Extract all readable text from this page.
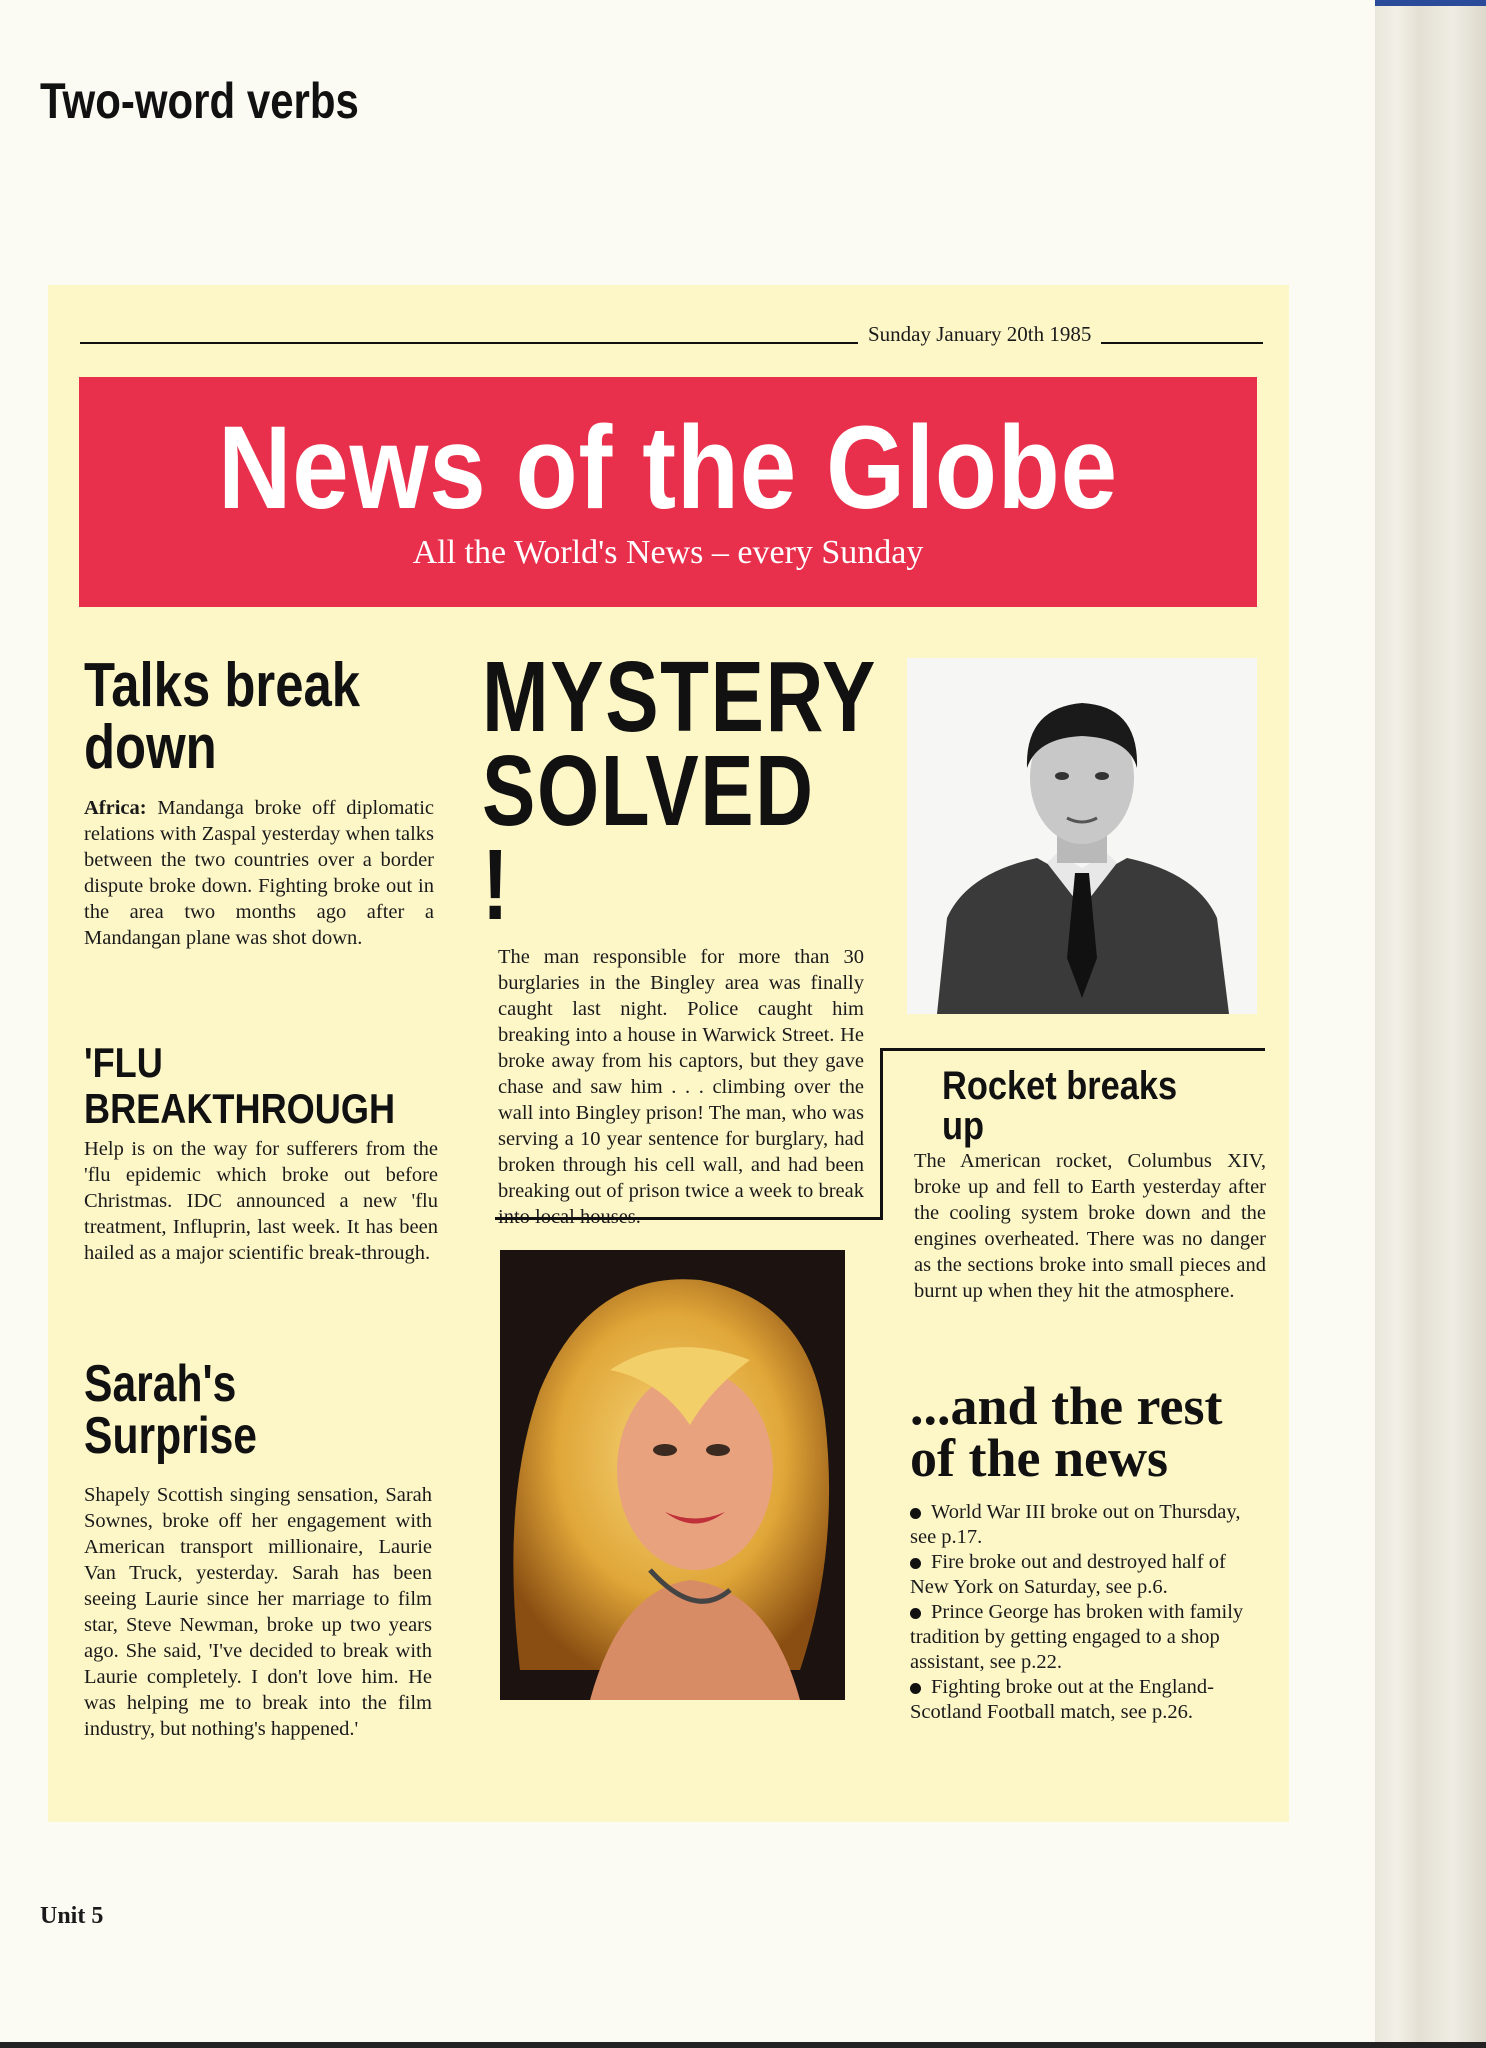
Two-word verbs
Sunday January 20th 1985
News of the Globe
All the World's News – every Sunday
Talks break
down
Africa: Mandanga broke off diplomatic relations with Zaspal yesterday when talks between the two countries over a border dispute broke down. Fighting broke out in the area two months ago after a Mandangan plane was shot down.
'FLU
BREAKTHROUGH
Help is on the way for sufferers from the 'flu epidemic which broke out before Christmas. IDC announced a new 'flu treatment, Influprin, last week. It has been hailed as a major scientific break-through.
Sarah's Surprise
Shapely Scottish singing sensation, Sarah Sownes, broke off her engagement with American transport millionaire, Laurie Van Truck, yesterday. Sarah has been seeing Laurie since her marriage to film star, Steve Newman, broke up two years ago. She said, 'I've decided to break with Laurie completely. I don't love him. He was helping me to break into the film industry, but nothing's happened.'
MYSTERY
SOLVED !
The man responsible for more than 30 burglaries in the Bingley area was finally caught last night. Police caught him breaking into a house in Warwick Street. He broke away from his captors, but they gave chase and saw him . . . climbing over the wall into Bingley prison! The man, who was serving a 10 year sentence for burglary, had broken through his cell wall, and had been breaking out of prison twice a week to break
Rocket breaks up
The American rocket, Columbus XIV, broke up and fell to Earth yesterday after the cooling system broke down and the engines overheated. There was no danger as the sections broke into small pieces and burnt up when they hit the atmosphere.
...and the rest
of the news
World War III broke out on Thursday, see p.17.
Fire broke out and destroyed half of New York on Saturday, see p.6.
Prince George has broken with family tradition by getting engaged to a shop assistant, see p.22.
Fighting broke out at the England-Scotland Football match, see p.26.
Unit 5
